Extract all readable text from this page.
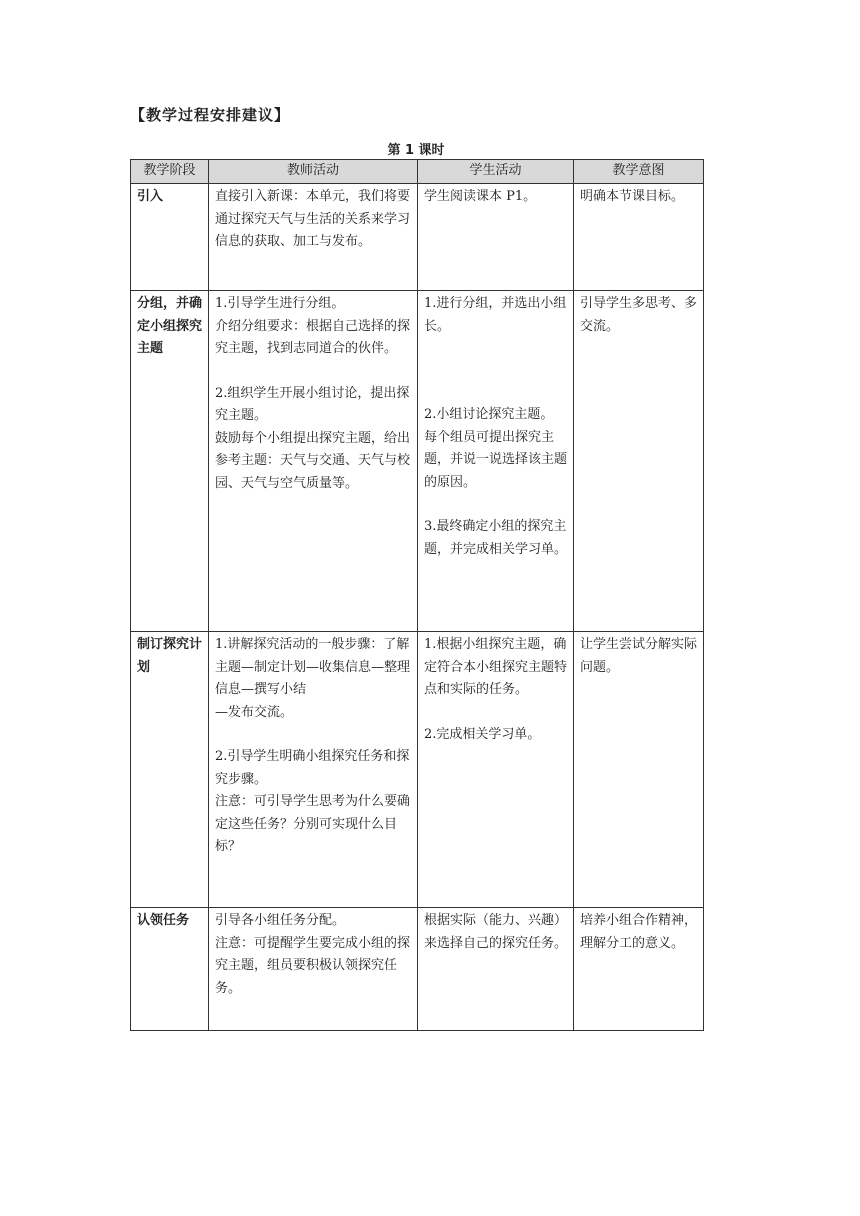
【教学过程安排建议】
第 1 课时
教学阶段	教师活动	学生活动	教学意图
引入	直接引入新课：本单元，我们将要通过探究天气与生活的关系来学习信息的获取、加工与发布。	学生阅读课本 P1。	明确本节课目标。
分组，并确定小组探究主题	1.引导学生进行分组。
介绍分组要求：根据自己选择的探究主题，找到志同道合的伙伴。
2.组织学生开展小组讨论，提出探究主题。
鼓励每个小组提出探究主题，给出参考主题：天气与交通、天气与校园、天气与空气质量等。	1.进行分组，并选出小组长。
2.小组讨论探究主题。
每个组员可提出探究主题，并说一说选择该主题的原因。
3.最终确定小组的探究主题，并完成相关学习单。	引导学生多思考、多交流。
制订探究计划	1.讲解探究活动的一般步骤：了解主题—制定计划—收集信息—整理信息—撰写小结
—发布交流。
2.引导学生明确小组探究任务和探究步骤。
注意：可引导学生思考为什么要确定这些任务？分别可实现什么目标？	1.根据小组探究主题，确定符合本小组探究主题特点和实际的任务。
2.完成相关学习单。	让学生尝试分解实际问题。
认领任务	引导各小组任务分配。
注意：可提醒学生要完成小组的探究主题，组员要积极认领探究任务。	根据实际（能力、兴趣）来选择自己的探究任务。	培养小组合作精神，理解分工的意义。
